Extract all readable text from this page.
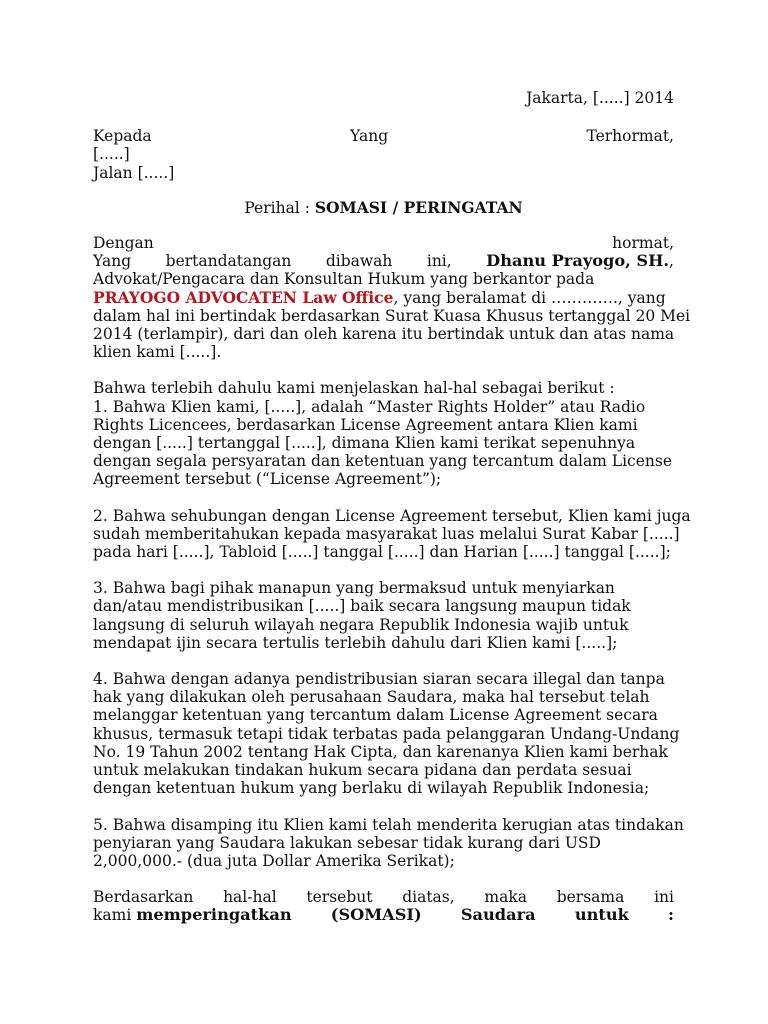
Jakarta, [.....] 2014
Kepada	Yang	Terhormat,
[.....]
Jalan [.....]
Perihal : SOMASI / PERINGATAN
Dengan	hormat,
Yang bertandatangan dibawah ini, Dhanu Prayogo, SH.,
Advokat/Pengacara dan Konsultan Hukum yang berkantor pada
PRAYOGO ADVOCATEN Law Office, yang beralamat di …………., yang
dalam hal ini bertindak berdasarkan Surat Kuasa Khusus tertanggal 20 Mei
2014 (terlampir), dari dan oleh karena itu bertindak untuk dan atas nama
klien kami [.....].
Bahwa terlebih dahulu kami menjelaskan hal-hal sebagai berikut :
1. Bahwa Klien kami, [.....], adalah “Master Rights Holder” atau Radio
Rights Licencees, berdasarkan License Agreement antara Klien kami
dengan [.....] tertanggal [.....], dimana Klien kami terikat sepenuhnya
dengan segala persyaratan dan ketentuan yang tercantum dalam License
Agreement tersebut (“License Agreement”);
2. Bahwa sehubungan dengan License Agreement tersebut, Klien kami juga
sudah memberitahukan kepada masyarakat luas melalui Surat Kabar [.....]
pada hari [.....], Tabloid [.....] tanggal [.....] dan Harian [.....] tanggal [.....];
3. Bahwa bagi pihak manapun yang bermaksud untuk menyiarkan
dan/atau mendistribusikan [.....] baik secara langsung maupun tidak
langsung di seluruh wilayah negara Republik Indonesia wajib untuk
mendapat ijin secara tertulis terlebih dahulu dari Klien kami [.....];
4. Bahwa dengan adanya pendistribusian siaran secara illegal dan tanpa
hak yang dilakukan oleh perusahaan Saudara, maka hal tersebut telah
melanggar ketentuan yang tercantum dalam License Agreement secara
khusus, termasuk tetapi tidak terbatas pada pelanggaran Undang-Undang
No. 19 Tahun 2002 tentang Hak Cipta, dan karenanya Klien kami berhak
untuk melakukan tindakan hukum secara pidana dan perdata sesuai
dengan ketentuan hukum yang berlaku di wilayah Republik Indonesia;
5. Bahwa disamping itu Klien kami telah menderita kerugian atas tindakan
penyiaran yang Saudara lakukan sebesar tidak kurang dari USD
2,000,000.- (dua juta Dollar Amerika Serikat);
Berdasarkan hal-hal tersebut diatas, maka bersama ini
kami memperingatkan (SOMASI) Saudara untuk :
